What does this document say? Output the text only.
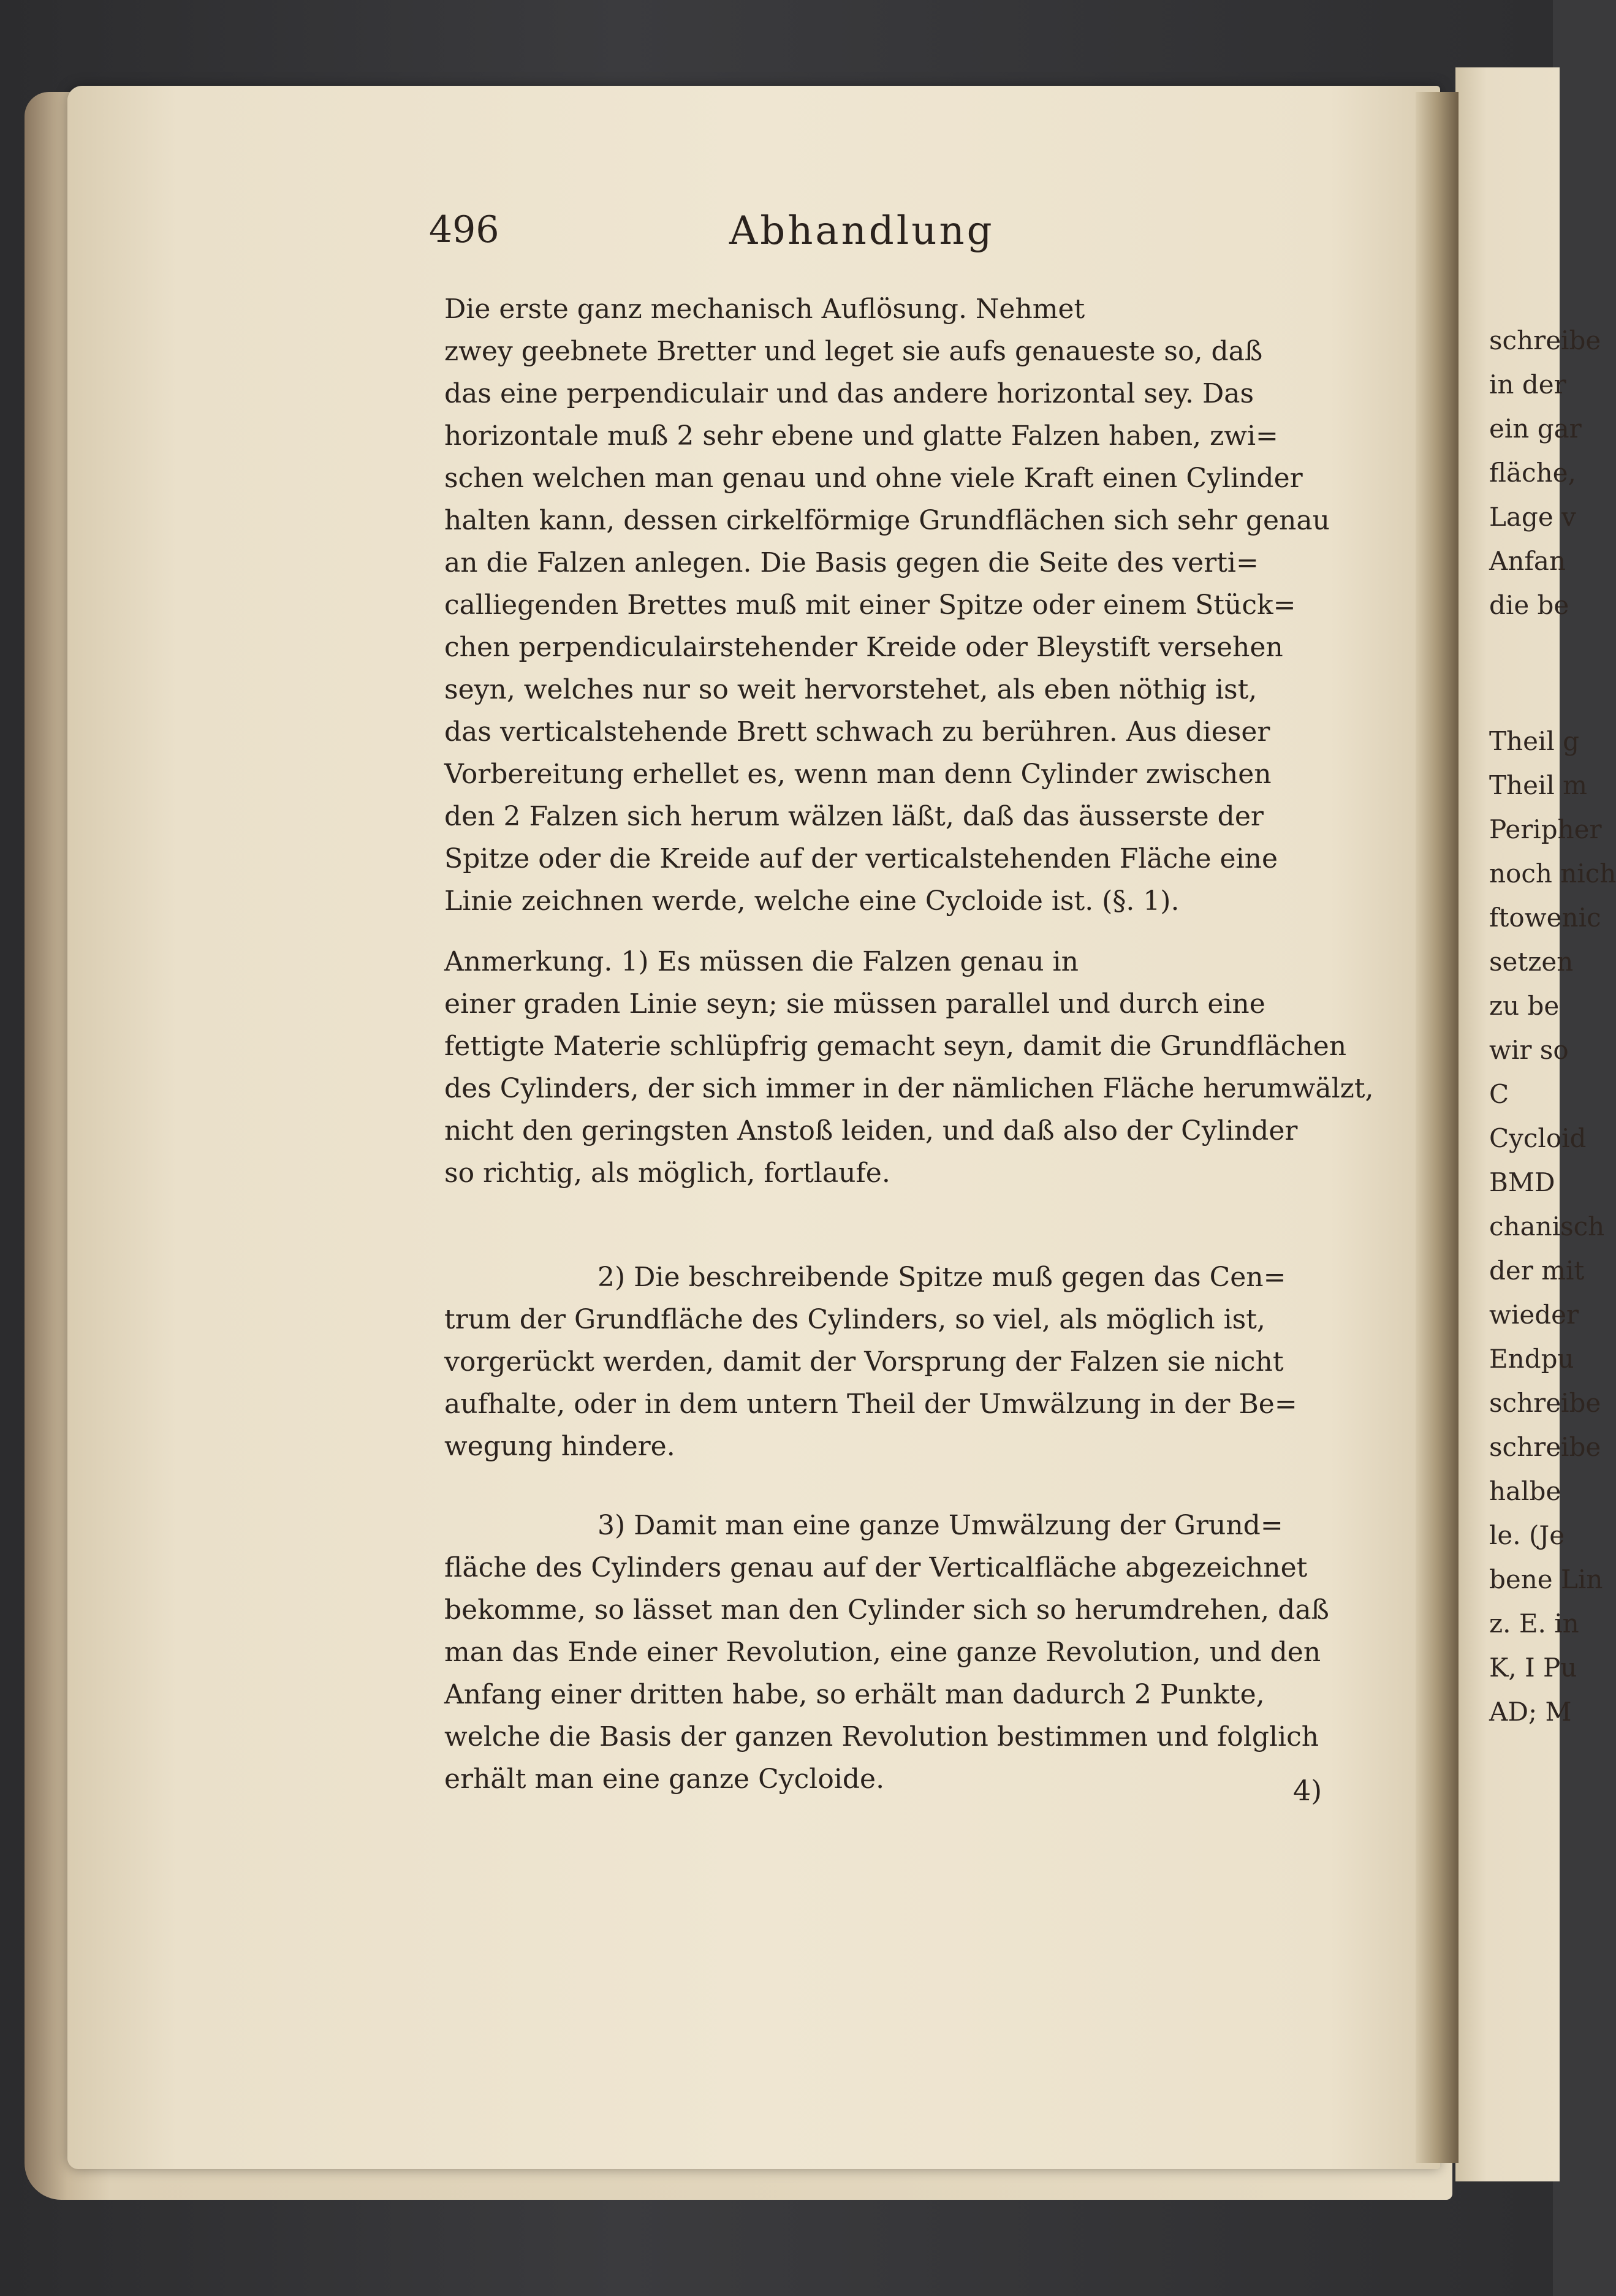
schreibe
in der
ein gar
fläche,
Lage v
Anfan
die be
Theil g
Theil m
Peripher
noch nich
ftowenic
setzen
zu be
wir so
C
Cycloid
BMD
chanisch
der mit
wieder
Endpu
schreibe
schreibe
halbe
le. (Je
bene Lin
z. E. in
K, I Pu
AD; M
496	Abhandlung

Die erste ganz mechanisch Auflösung. Nehmet
zwey geebnete Bretter und leget sie aufs genaueste so, daß
das eine perpendiculair und das andere horizontal sey. Das
horizontale muß 2 sehr ebene und glatte Falzen haben, zwi=
schen welchen man genau und ohne viele Kraft einen Cylinder
halten kann, dessen cirkelförmige Grundflächen sich sehr genau
an die Falzen anlegen. Die Basis gegen die Seite des verti=
calliegenden Brettes muß mit einer Spitze oder einem Stück=
chen perpendiculairstehender Kreide oder Bleystift versehen
seyn, welches nur so weit hervorstehet, als eben nöthig ist,
das verticalstehende Brett schwach zu berühren. Aus dieser
Vorbereitung erhellet es, wenn man denn Cylinder zwischen
den 2 Falzen sich herum wälzen läßt, daß das äusserste der
Spitze oder die Kreide auf der verticalstehenden Fläche eine
Linie zeichnen werde, welche eine Cycloide ist. (§. 1).

Anmerkung. 1) Es müssen die Falzen genau in
einer graden Linie seyn; sie müssen parallel und durch eine
fettigte Materie schlüpfrig gemacht seyn, damit die Grundflächen
des Cylinders, der sich immer in der nämlichen Fläche herumwälzt,
nicht den geringsten Anstoß leiden, und daß also der Cylinder
so richtig, als möglich, fortlaufe.

2) Die beschreibende Spitze muß gegen das Cen=
trum der Grundfläche des Cylinders, so viel, als möglich ist,
vorgerückt werden, damit der Vorsprung der Falzen sie nicht
aufhalte, oder in dem untern Theil der Umwälzung in der Be=
wegung hindere.

3) Damit man eine ganze Umwälzung der Grund=
fläche des Cylinders genau auf der Verticalfläche abgezeichnet
bekomme, so lässet man den Cylinder sich so herumdrehen, daß
man das Ende einer Revolution, eine ganze Revolution, und den
Anfang einer dritten habe, so erhält man dadurch 2 Punkte,
welche die Basis der ganzen Revolution bestimmen und folglich
erhält man eine ganze Cycloide.	4)
